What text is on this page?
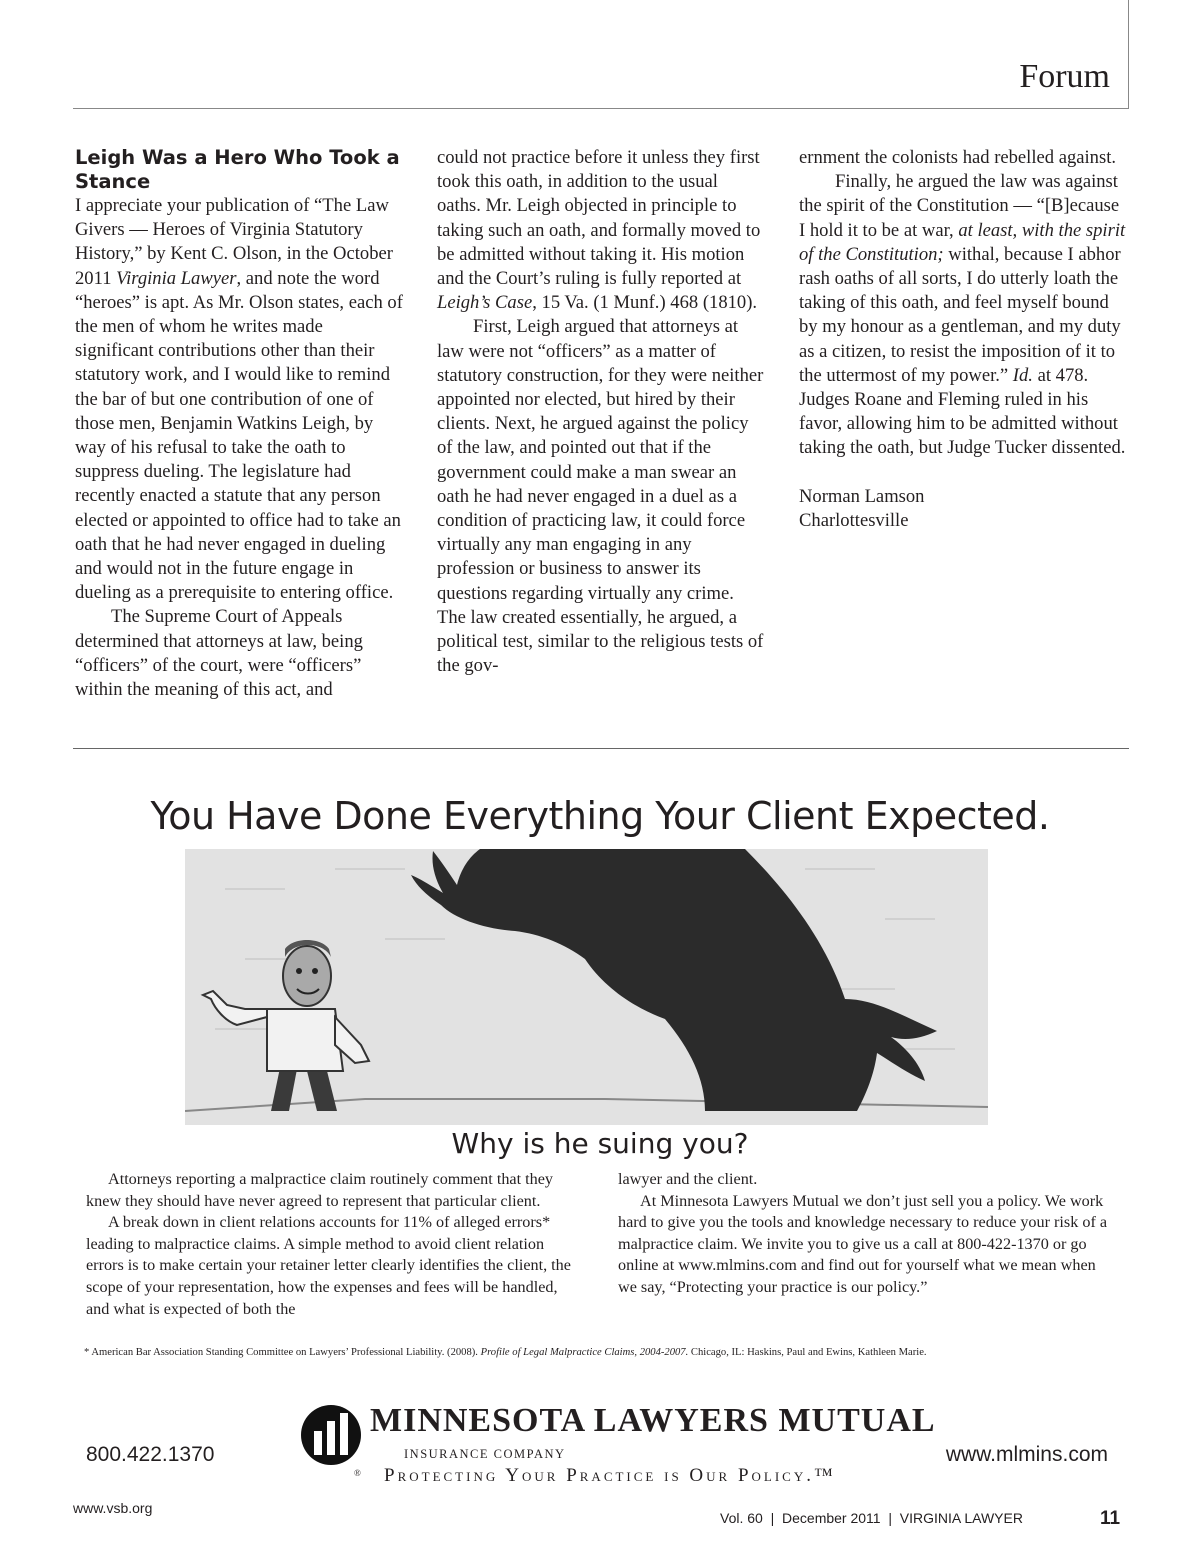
Forum

Leigh Was a Hero Who Took a Stance

I appreciate your publication of “The Law Givers — Heroes of Virginia Statutory History,” by Kent C. Olson, in the October 2011 Virginia Lawyer, and note the word “heroes” is apt. As Mr. Olson states, each of the men of whom he writes made significant contributions other than their statutory work, and I would like to remind the bar of but one contribution of one of those men, Benjamin Watkins Leigh, by way of his refusal to take the oath to suppress dueling. The legislature had recently enacted a statute that any person elected or appointed to office had to take an oath that he had never engaged in dueling and would not in the future engage in dueling as a prerequisite to entering office.

The Supreme Court of Appeals determined that attorneys at law, being “officers” of the court, were “officers” within the meaning of this act, and

could not practice before it unless they first took this oath, in addition to the usual oaths. Mr. Leigh objected in principle to taking such an oath, and formally moved to be admitted without taking it. His motion and the Court’s ruling is fully reported at Leigh’s Case, 15 Va. (1 Munf.) 468 (1810).

First, Leigh argued that attorneys at law were not “officers” as a matter of statutory construction, for they were neither appointed nor elected, but hired by their clients. Next, he argued against the policy of the law, and pointed out that if the government could make a man swear an oath he had never engaged in a duel as a condition of practicing law, it could force virtually any man engaging in any profession or business to answer its questions regarding virtually any crime. The law created essentially, he argued, a political test, similar to the religious tests of the gov-

ernment the colonists had rebelled against.

Finally, he argued the law was against the spirit of the Constitution — “[B]ecause I hold it to be at war, at least, with the spirit of the Constitution; withal, because I abhor rash oaths of all sorts, I do utterly loath the taking of this oath, and feel myself bound by my honour as a gentleman, and my duty as a citizen, to resist the imposition of it to the uttermost of my power.” Id. at 478. Judges Roane and Fleming ruled in his favor, allowing him to be admitted without taking the oath, but Judge Tucker dissented.

Norman Lamson

Charlottesville

You Have Done Everything Your Client Expected.
Why is he suing you?

Attorneys reporting a malpractice claim routinely comment that they knew they should have never agreed to represent that particular client.

A break down in client relations accounts for 11% of alleged errors* leading to malpractice claims. A simple method to avoid client relation errors is to make certain your retainer letter clearly identifies the client, the scope of your representation, how the expenses and fees will be handled, and what is expected of both the

lawyer and the client.

At Minnesota Lawyers Mutual we don’t just sell you a policy. We work hard to give you the tools and knowledge necessary to reduce your risk of a malpractice claim. We invite you to give us a call at 800-422-1370 or go online at www.mlmins.com and find out for yourself what we mean when we say, “Protecting your practice is our policy.”

* American Bar Association Standing Committee on Lawyers’ Professional Liability. (2008). Profile of Legal Malpractice Claims, 2004-2007. Chicago, IL: Haskins, Paul and Ewins, Kathleen Marie.
800.422.1370	www.mlmins.com
®
MINNESOTA LAWYERS MUTUAL
INSURANCE COMPANY
Protecting Your Practice is Our Policy.™
www.vsb.org
Vol. 60  |  December 2011  |  VIRGINIA LAWYER	11
